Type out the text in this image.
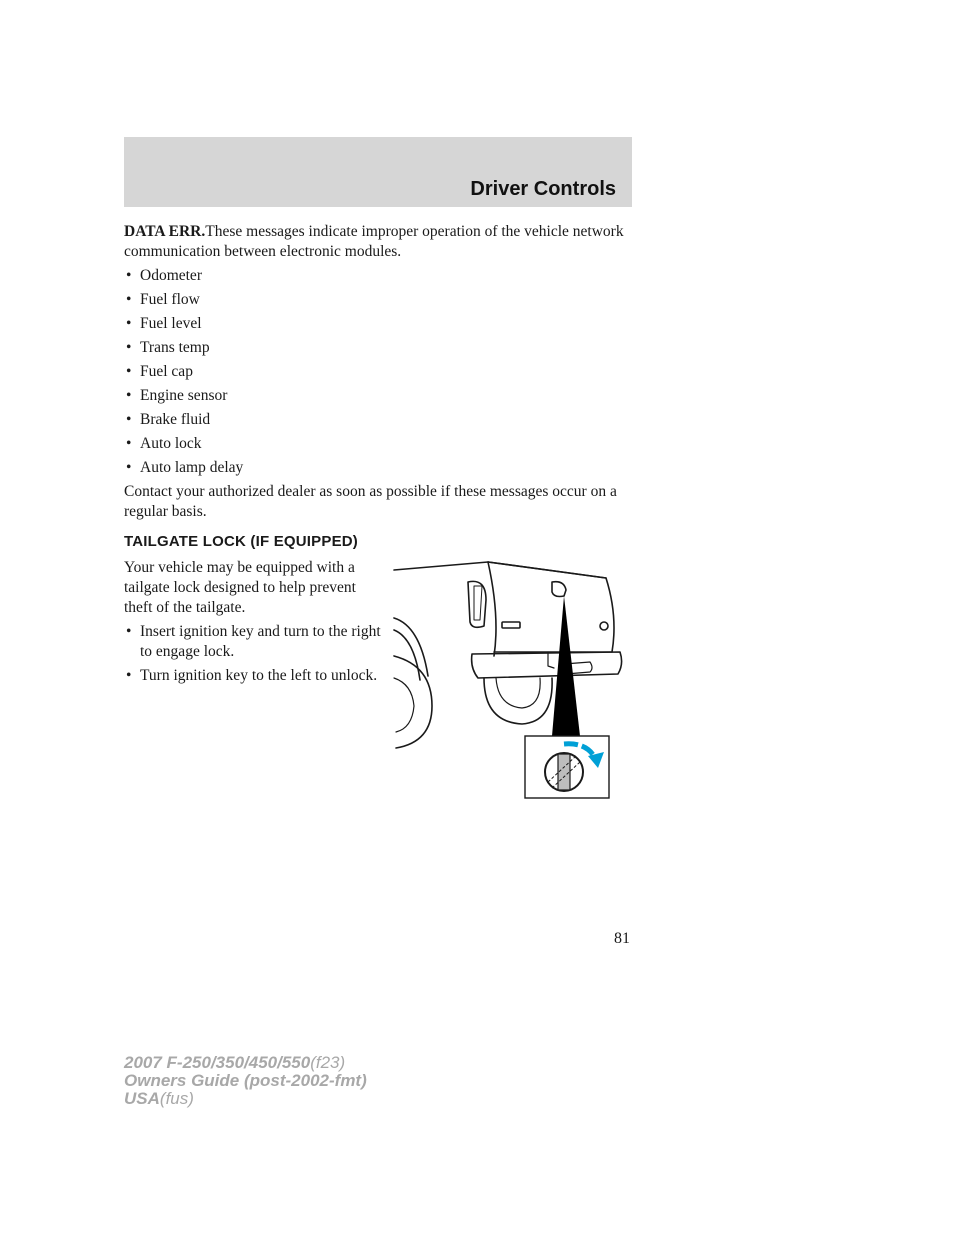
Driver Controls

DATA ERR.These messages indicate improper operation of the vehicle network communication between electronic modules.

• Odometer
• Fuel flow
• Fuel level
• Trans temp
• Fuel cap
• Engine sensor
• Brake fluid
• Auto lock
• Auto lamp delay

Contact your authorized dealer as soon as possible if these messages occur on a regular basis.

TAILGATE LOCK (IF EQUIPPED)

Your vehicle may be equipped with a tailgate lock designed to help prevent theft of the tailgate.

• Insert ignition key and turn to the right to engage lock.
• Turn ignition key to the left to unlock.
81
2007 F-250/350/450/550(f23)
Owners Guide (post-2002-fmt)
USA(fus)
